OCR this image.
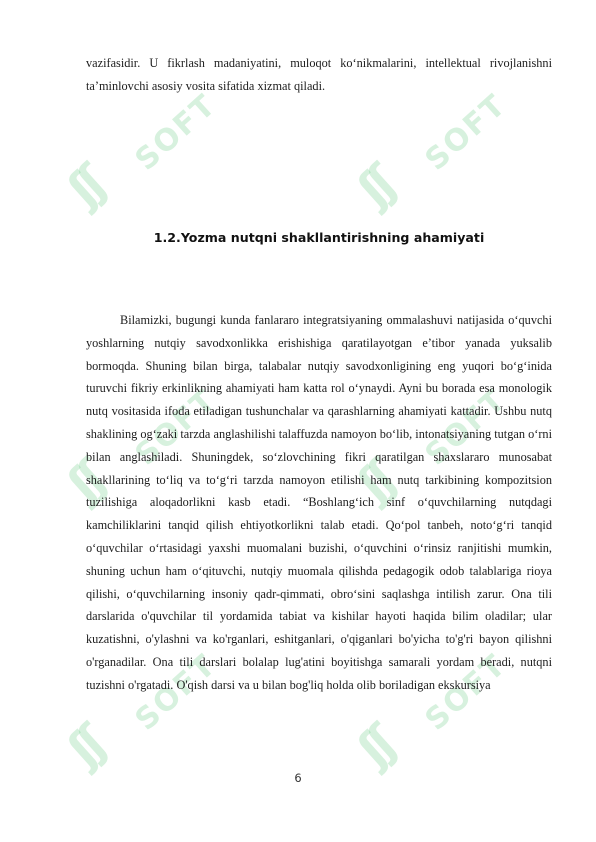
ʃʃ
SOFT
ʃʃ
SOFT
ʃʃ
SOFT
ʃʃ
SOFT
ʃʃ
SOFT
ʃʃ
SOFT

vazifasidir. U fikrlash madaniyatini, muloqot ko‘nikmalarini, intellektual rivojlanishni ta’minlovchi asosiy vosita sifatida xizmat qiladi.

1.2.Yozma nutqni shakllantirishning ahamiyati

Bilamizki, bugungi kunda fanlararo integratsiyaning ommalashuvi natijasida o‘quvchi yoshlarning nutqiy savodxonlikka erishishiga qaratilayotgan e’tibor yanada yuksalib bormoqda. Shuning bilan birga, talabalar nutqiy savodxonligining eng yuqori bo‘g‘inida turuvchi fikriy erkinlikning ahamiyati ham katta rol o‘ynaydi. Ayni bu borada esa monologik nutq vositasida ifoda etiladigan tushunchalar va qarashlarning ahamiyati kattadir. Ushbu nutq shaklining og‘zaki tarzda anglashilishi talaffuzda namoyon bo‘lib, intonatsiyaning tutgan o‘rni bilan anglashiladi. Shuningdek, so‘zlovchining fikri qaratilgan shaxslararo munosabat shakllarining to‘liq va to‘g‘ri tarzda namoyon etilishi ham nutq tarkibining kompozitsion tuzilishiga aloqadorlikni kasb etadi. “Boshlang‘ich sinf o‘quvchilarning nutqdagi kamchiliklarini tanqid qilish ehtiyotkorlikni talab etadi. Qo‘pol tanbeh, noto‘g‘ri tanqid o‘quvchilar o‘rtasidagi yaxshi muomalani buzishi, o‘quvchini o‘rinsiz ranjitishi mumkin, shuning uchun ham o‘qituvchi, nutqiy muomala qilishda pedagogik odob talablariga rioya qilishi, o‘quvchilarning insoniy qadr-qimmati, obro‘sini saqlashga intilish zarur. Ona tili darslarida o'quvchilar til yordamida tabiat va kishilar hayoti haqida bilim oladilar; ular kuzatishni, o'ylashni va ko'rganlari, eshitganlari, o'qiganlari bo'yicha to'g'ri bayon qilishni o'rganadilar. Ona tili darslari bolalap lug'atini boyitishga samarali yordam beradi, nutqni tuzishni o'rgatadi. O'qish darsi va u bilan bog'liq holda olib boriladigan ekskursiya

6
